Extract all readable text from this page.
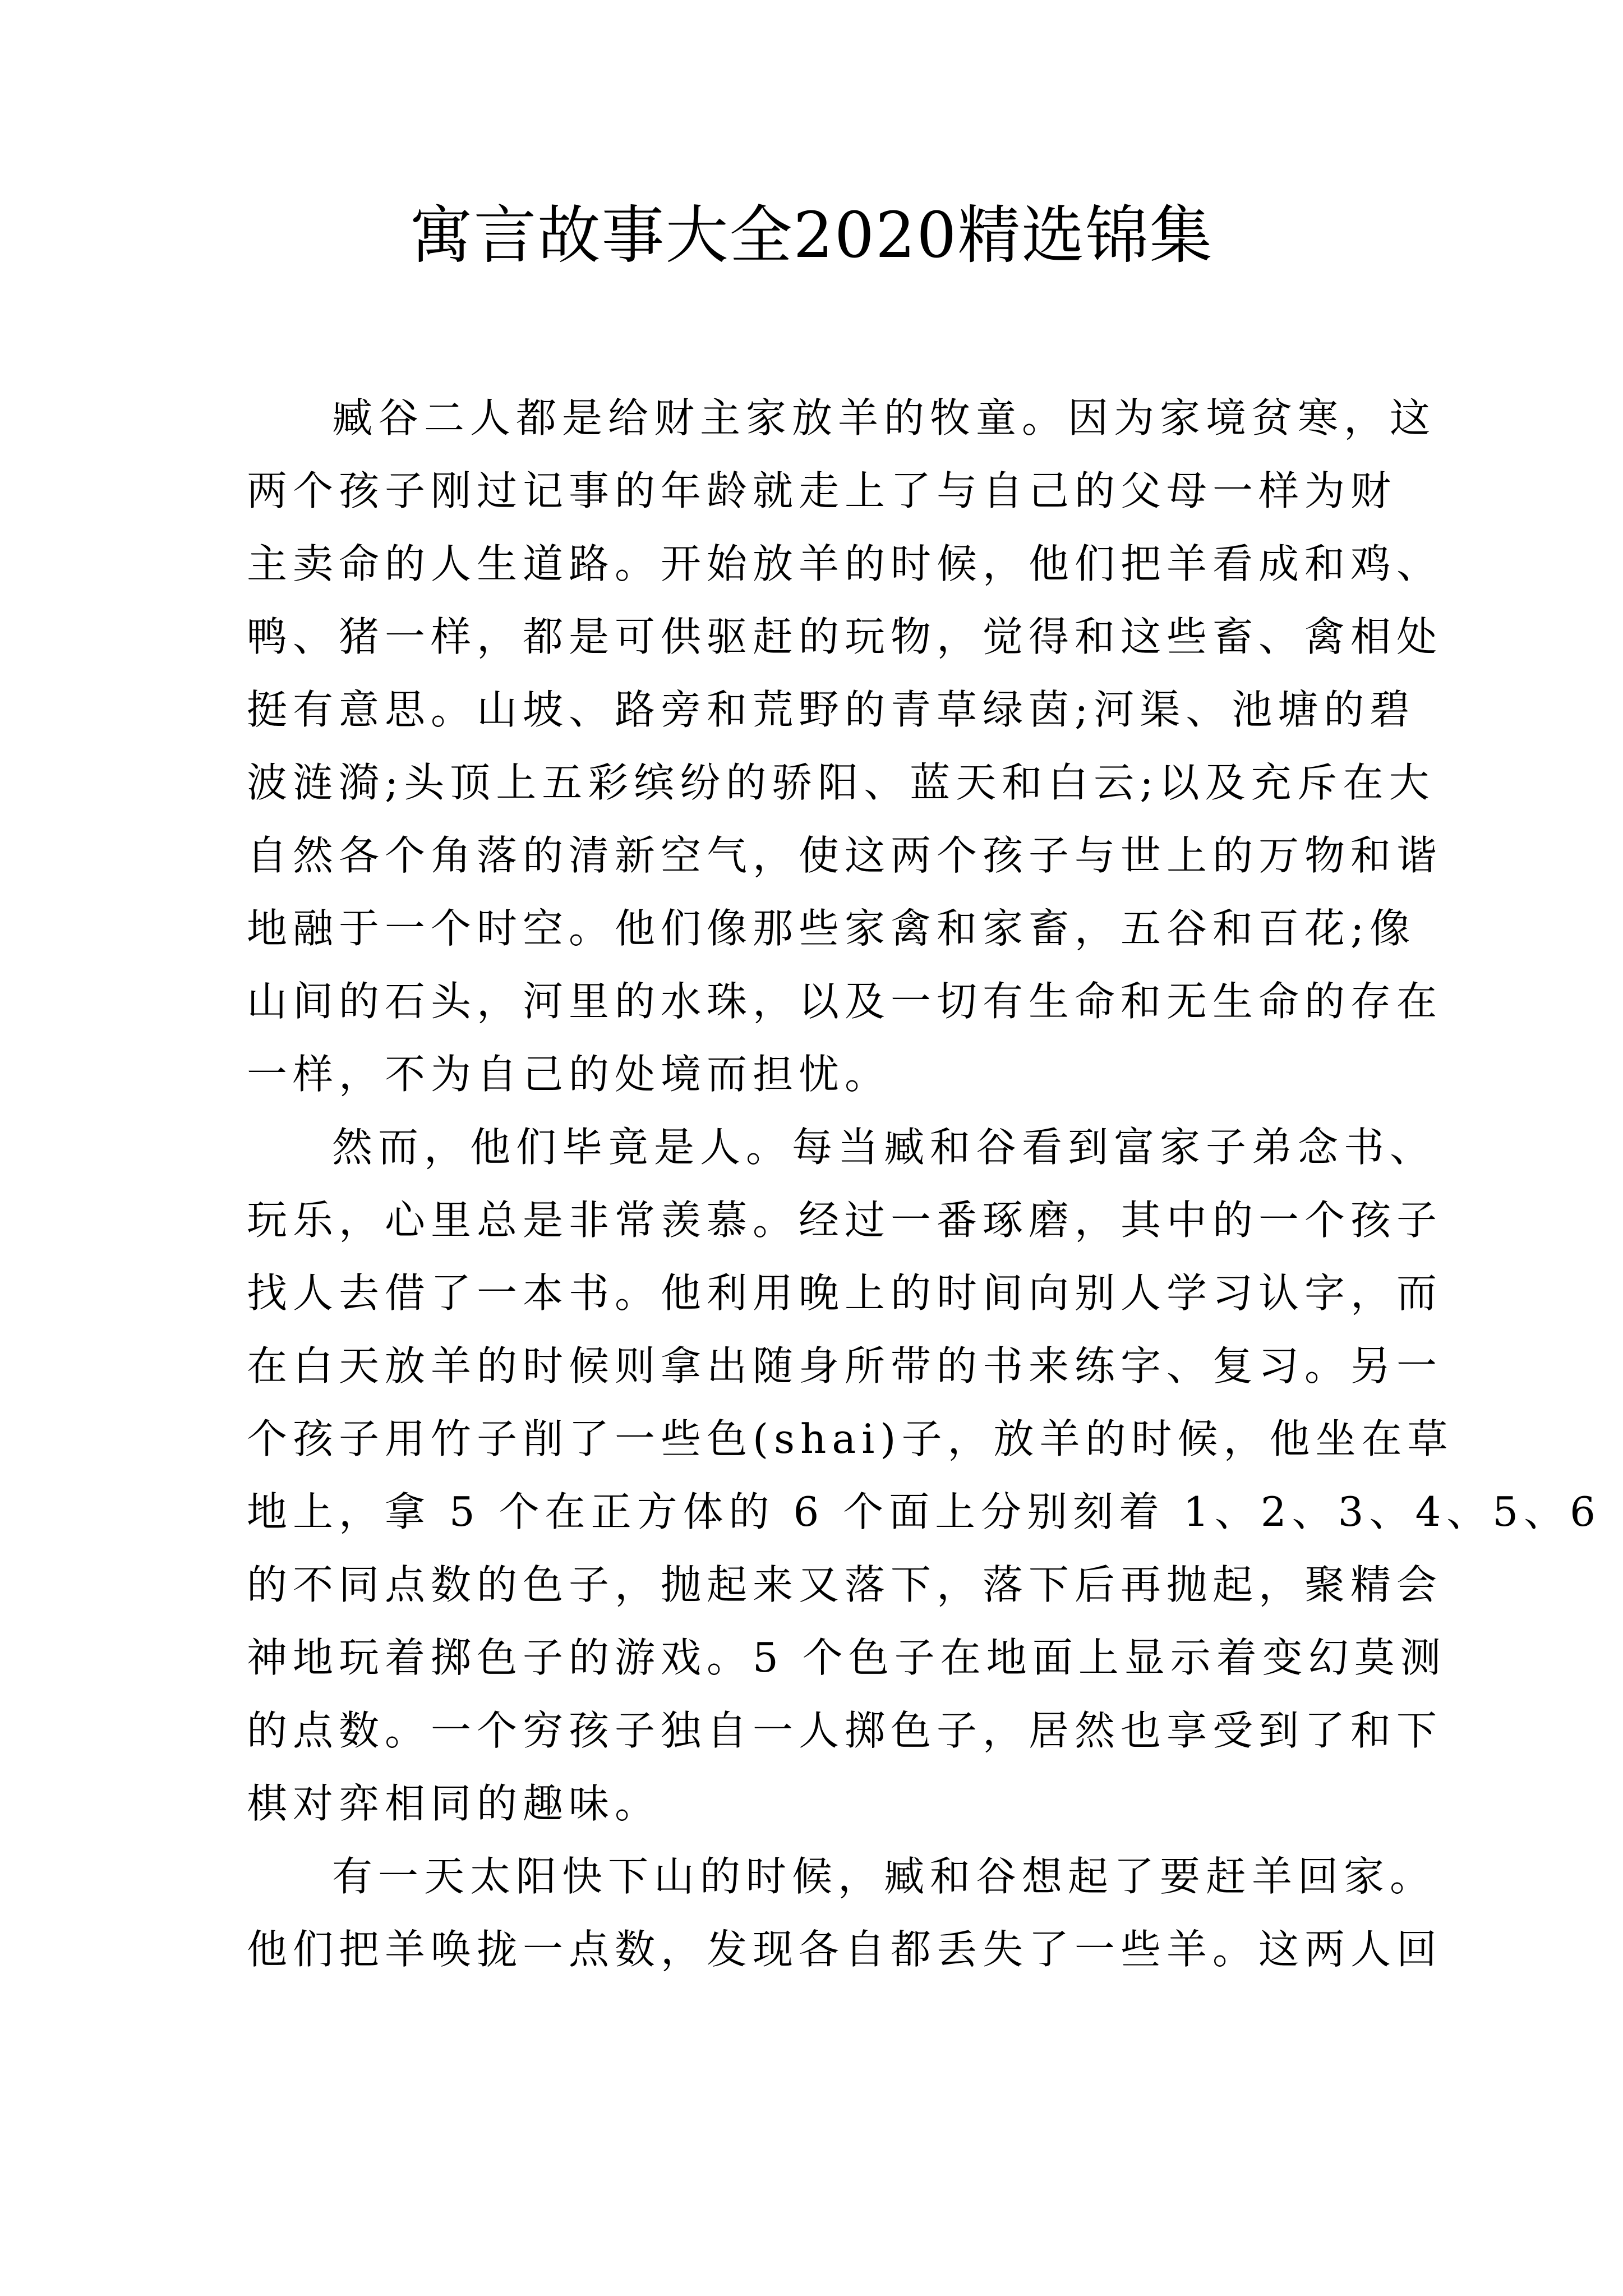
寓言故事大全2020精选锦集
臧谷二人都是给财主家放羊的牧童。因为家境贫寒，这
两个孩子刚过记事的年龄就走上了与自己的父母一样为财
主卖命的人生道路。开始放羊的时候，他们把羊看成和鸡、
鸭、猪一样，都是可供驱赶的玩物，觉得和这些畜、禽相处
挺有意思。山坡、路旁和荒野的青草绿茵;河渠、池塘的碧
波涟漪;头顶上五彩缤纷的骄阳、蓝天和白云;以及充斥在大
自然各个角落的清新空气，使这两个孩子与世上的万物和谐
地融于一个时空。他们像那些家禽和家畜，五谷和百花;像
山间的石头，河里的水珠，以及一切有生命和无生命的存在
一样，不为自己的处境而担忧。
然而，他们毕竟是人。每当臧和谷看到富家子弟念书、
玩乐，心里总是非常羡慕。经过一番琢磨，其中的一个孩子
找人去借了一本书。他利用晚上的时间向别人学习认字，而
在白天放羊的时候则拿出随身所带的书来练字、复习。另一
个孩子用竹子削了一些色(shai)子，放羊的时候，他坐在草
地上，拿 5 个在正方体的 6 个面上分别刻着 1、2、3、4、5、6
的不同点数的色子，抛起来又落下，落下后再抛起，聚精会
神地玩着掷色子的游戏。5 个色子在地面上显示着变幻莫测
的点数。一个穷孩子独自一人掷色子，居然也享受到了和下
棋对弈相同的趣味。
有一天太阳快下山的时候，臧和谷想起了要赶羊回家。
他们把羊唤拢一点数，发现各自都丢失了一些羊。这两人回
